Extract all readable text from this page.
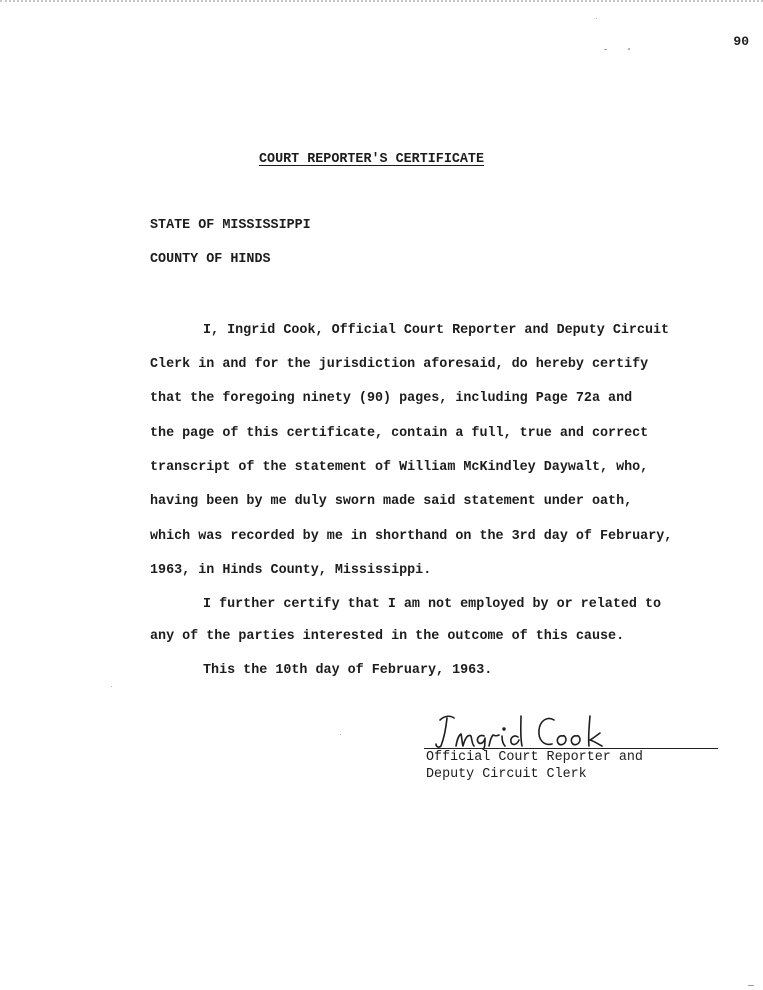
90
COURT REPORTER'S CERTIFICATE
STATE OF MISSISSIPPI
COUNTY OF HINDS
I, Ingrid Cook, Official Court Reporter and Deputy Circuit
Clerk in and for the jurisdiction aforesaid, do hereby certify
that the foregoing ninety (90) pages, including Page 72a and
the page of this certificate, contain a full, true and correct
transcript of the statement of William McKindley Daywalt, who,
having been by me duly sworn made said statement under oath,
which was recorded by me in shorthand on the 3rd day of February,
1963, in Hinds County, Mississippi.
I further certify that I am not employed by or related to
any of the parties interested in the outcome of this cause.
This the 10th day of February, 1963.
Official Court Reporter and
Deputy Circuit Clerk
